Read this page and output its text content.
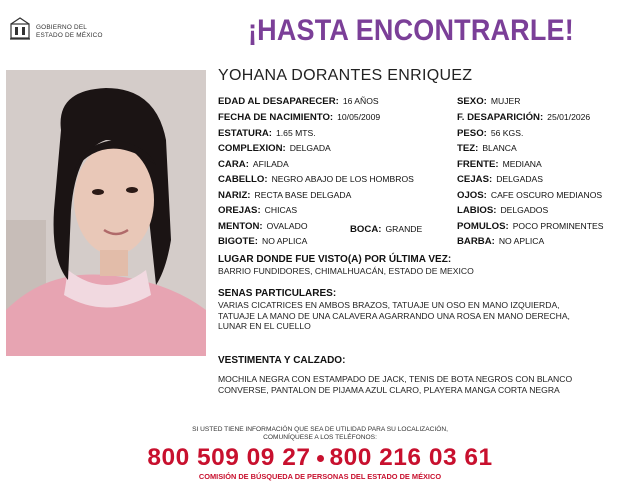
GOBIERNO DEL
ESTADO DE MÉXICO	¡HASTA ENCONTRARLE!
YOHANA DORANTES ENRIQUEZ
EDAD AL DESAPARECER: 16 AÑOS
FECHA DE NACIMIENTO: 10/05/2009
ESTATURA: 1.65 MTS.
COMPLEXION: DELGADA
CARA: AFILADA
CABELLO: NEGRO ABAJO DE LOS HOMBROS
NARIZ: RECTA BASE DELGADA
OREJAS: CHICAS
MENTON: OVALADO	BOCA: GRANDE
BIGOTE: NO APLICA
SEXO: MUJER
F. DESAPARICIÓN: 25/01/2026
PESO: 56 KGS.
TEZ: BLANCA
FRENTE: MEDIANA
CEJAS: DELGADAS
OJOS: CAFE OSCURO MEDIANOS
LABIOS: DELGADOS
POMULOS: POCO PROMINENTES
BARBA: NO APLICA
LUGAR DONDE FUE VISTO(A) POR ÚLTIMA VEZ:
BARRIO FUNDIDORES, CHIMALHUACÁN, ESTADO DE MEXICO
SENAS PARTICULARES:
VARIAS CICATRICES EN AMBOS BRAZOS, TATUAJE UN OSO EN MANO IZQUIERDA,
TATUAJE LA MANO DE UNA CALAVERA AGARRANDO UNA ROSA EN MANO DERECHA,
LUNAR EN EL CUELLO
VESTIMENTA Y CALZADO:
MOCHILA NEGRA CON ESTAMPADO DE JACK, TENIS DE BOTA NEGROS CON BLANCO
CONVERSE, PANTALON DE PIJAMA AZUL CLARO, PLAYERA MANGA CORTA NEGRA
SI USTED TIENE INFORMACIÓN QUE SEA DE UTILIDAD PARA SU LOCALIZACIÓN,
COMUNÍQUESE A LOS TELÉFONOS:
800 509 09 27 800 216 03 61
COMISIÓN DE BÚSQUEDA DE PERSONAS DEL ESTADO DE MÉXICO
